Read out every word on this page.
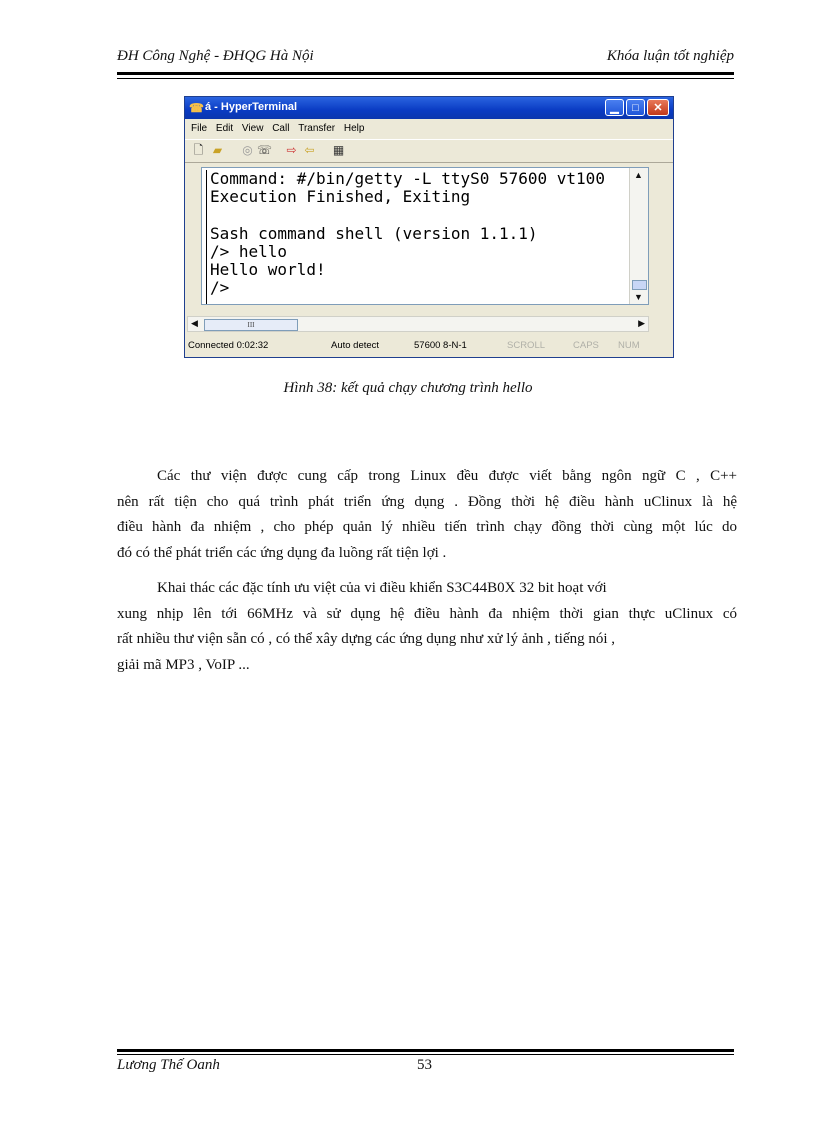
ĐH Công Nghệ - ĐHQG Hà Nội	Khóa luận tốt nghiệp
☎ á - HyperTerminal	▁ □ ✕
File Edit View Call Transfer Help
🗋 ▰ ◎ ☏ ⇨ ⇦ ▦
Command: #/bin/getty -L ttyS0 57600 vt100
Execution Finished, Exiting

Sash command shell (version 1.1.1)
/> hello
Hello world!
/>
▲
▼
◀	III	▶
Connected 0:02:32	Auto detect	57600 8-N-1	SCROLL	CAPS NUM
Hình 38: kết quả chạy chương trình hello
Các thư viện được cung cấp trong Linux đều được viết bằng ngôn ngữ C , C++
nên rất tiện cho quá trình phát triển ứng dụng . Đồng thời hệ điều hành uClinux là hệ
điều hành đa nhiệm , cho phép quản lý nhiều tiến trình chạy đồng thời cùng một lúc do
đó có thể phát triển các ứng dụng đa luồng rất tiện lợi .
Khai thác các đặc tính ưu việt của vi điều khiển S3C44B0X 32 bit hoạt với
xung nhịp lên tới 66MHz và sử dụng hệ điều hành đa nhiệm thời gian thực uClinux có
rất nhiều thư viện sẵn có , có thể xây dựng các ứng dụng như xử lý ảnh , tiếng nói ,
giải mã MP3 , VoIP ...
Lương Thế Oanh	53
